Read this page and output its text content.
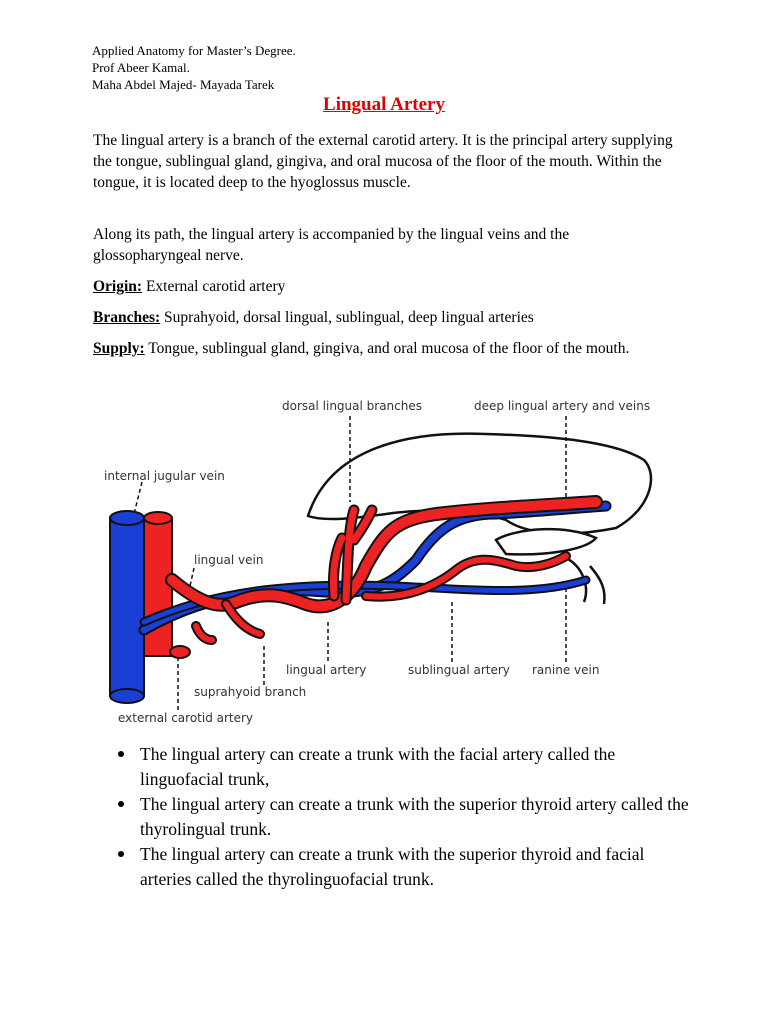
Applied Anatomy for Master’s Degree.
Prof Abeer Kamal.
Maha Abdel Majed- Mayada Tarek
Lingual Artery
The lingual artery is a branch of the external carotid artery. It is the principal artery supplying the tongue, sublingual gland, gingiva, and oral mucosa of the floor of the mouth. Within the tongue, it is located deep to the hyoglossus muscle.
Along its path, the lingual artery is accompanied by the lingual veins and the glossopharyngeal nerve.
Origin: External carotid artery
Branches: Suprahyoid, dorsal lingual, sublingual, deep lingual arteries
Supply: Tongue, sublingual gland, gingiva, and oral mucosa of the floor of the mouth.
dorsal lingual branches	deep lingual artery and veins
internal jugular vein
lingual vein
lingual artery	sublingual artery ranine vein
suprahyoid branch
external carotid artery
The lingual artery can create a trunk with the facial artery called the linguofacial trunk,
The lingual artery can create a trunk with the superior thyroid artery called the thyrolingual trunk.
The lingual artery can create a trunk with the superior thyroid and facial arteries called the thyrolinguofacial trunk.
